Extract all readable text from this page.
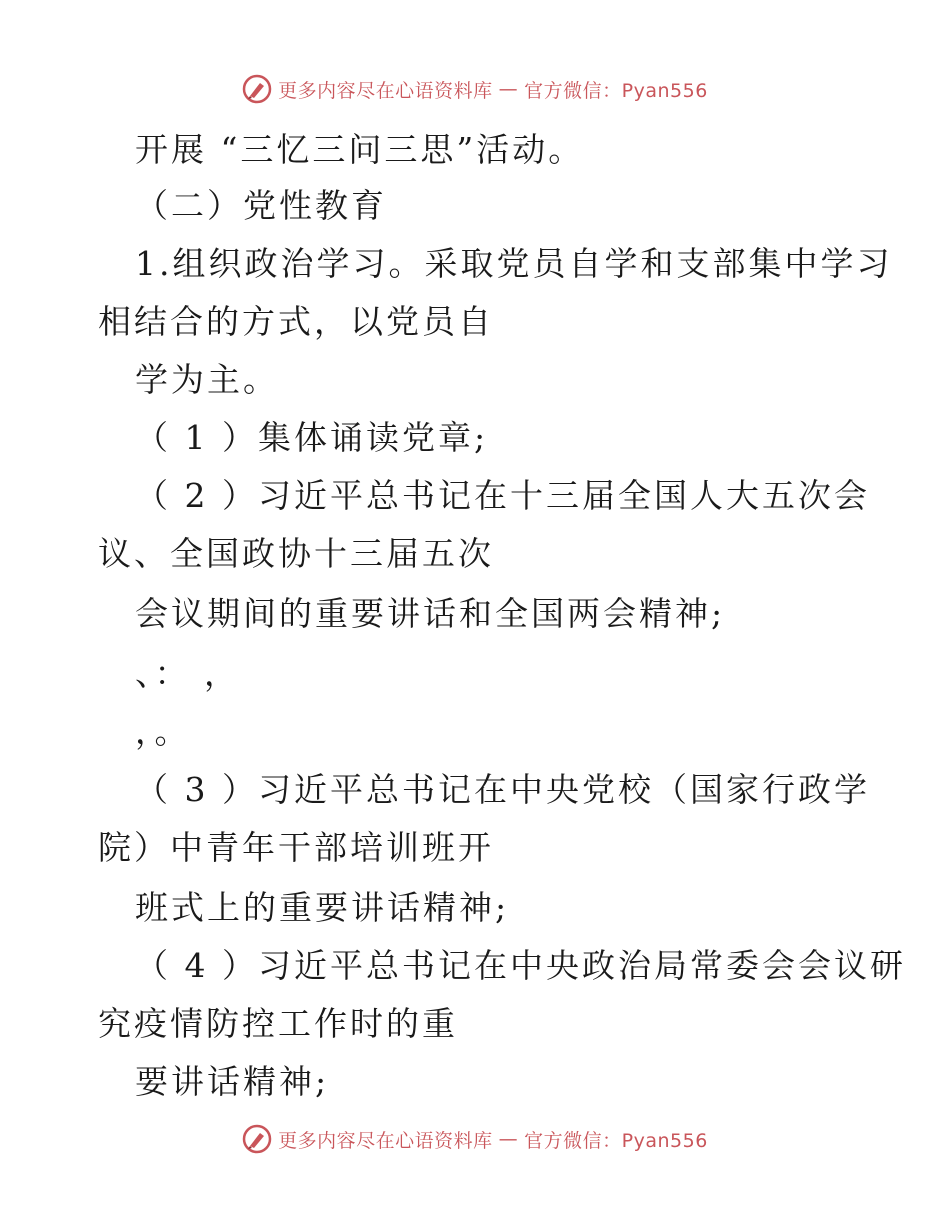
更多内容尽在心语资料库 — 官方微信：Pyan556
开展 “三忆三问三思”活动。
（二）党性教育
1.组织政治学习。采取党员自学和支部集中学习
相结合的方式，以党员自
学为主。
（ 1 ）集体诵读党章;
（ 2 ）习近平总书记在十三届全国人大五次会
议、全国政协十三届五次
会议期间的重要讲话和全国两会精神;
、： ，
，。
（ 3 ）习近平总书记在中央党校（国家行政学
院）中青年干部培训班开
班式上的重要讲话精神;
（ 4 ）习近平总书记在中央政治局常委会会议研
究疫情防控工作时的重
要讲话精神;
更多内容尽在心语资料库 — 官方微信：Pyan556
